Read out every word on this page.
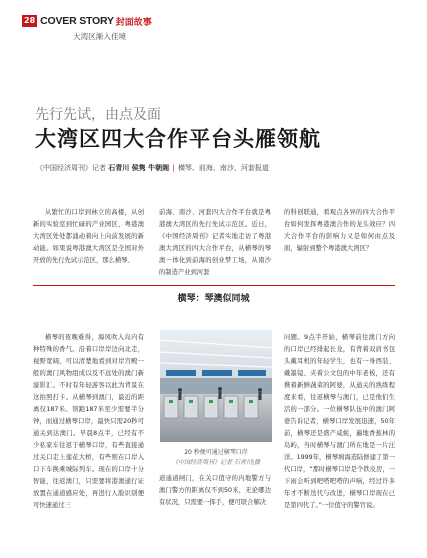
28 COVER STORY 封面故事
大湾区渐入佳境
先行先试，由点及面
大湾区四大合作平台头雁领航
《中国经济周刊》记者 石青川 侯隽 牛朝阁 | 横琴、前海、南沙、河套报道
从繁忙的口岸到林立的高楼，从创新的实验室到忙碌的产业园区，粤港澳大湾区处处都涌动着向上向前发展的新动能。如果说粤港澳大湾区是全国对外开放的先行先试示范区，那么横琴、
前海、南沙、河套四大合作平台就是粤港澳大湾区的先行先试示范区。近日，《中国经济周刊》记者实地走访了粤港澳大湾区的四大合作平台，从横琴的琴澳一体化到前海的创业梦工场，从南沙的制造产业到河套
的科创联通，看观点各异的四大合作平台如何发挥粤港澳合作的龙头效应？四大合作平台的影响力又是如何由点及面，辐射到整个粤港澳大湾区？
横琴：琴澳似同城
横琴的夜晚难得，海风吹入岛内有种特殊的香气。沿着口岸岸边向北走，视野宽阔，可以清楚地看到对岸宫殿一般的澳门风物组成以及不远处的澳门新濠影汇。不时有年轻游客以此为背景在这拍照打卡。从横琴到澳门，最近的距离仅187米。领跑187米至少需要半分钟，而通过横琴口岸，最快只需20秒可通关到达澳门。早晨8点半，已经有不少私家车往返于横琴口岸，有些直接通过关口走上莲花大桥，有些则在口岸入口下车换乘城际列车。现在的口岸十分智能，往返澳门，只需要将港澳通行证放置在通道感应处，再进行人脸识别便可快速通过三
20 秒便可通过横琴口岸
《中国经济周刊》记者 石青川|摄
道通道闸门，在关口值守的内地警方与澳门警方的距离仅不到50米，无论哪边有状况，只需要一挥手，便可联合解决
问题。9点半开始，横琴前往澳门方向的口岸已经排起长龙，有背着双肩书包头戴耳机的年轻学生，也有一身西装、戴墨镜、夹着公文包的中年老板，还有携着新鲜蔬菜的阿婆，从通关的熟练程度来看，往返横琴与澳门，已是他们生活的一部分。一位横琴队伍中的澳门阿婆告诉记者，横琴口岸发展迅速，50年前，横琴还是盛产咸蚝，遍地香蕉林的岛屿，当时横琴与澳门所在地是一片汪洋。1999年，横琴填海造陆修建了第一代口岸，“那时横琴口岸是个铁皮房，一下雨会听到吧嗒吧嗒的声响，经过许多年才不断迭代与改进，横琴口岸现在已是第四代了。”一位值守的警官说。
